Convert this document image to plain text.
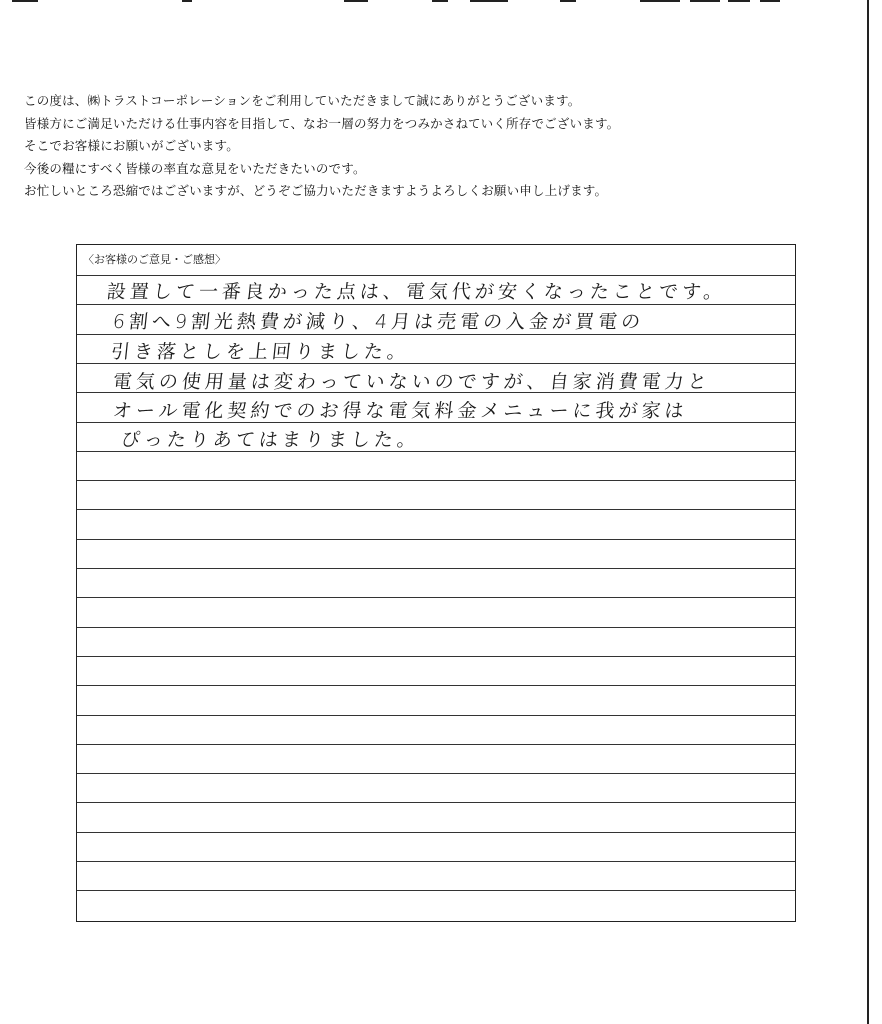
この度は、㈱トラストコーポレーションをご利用していただきまして誠にありがとうございます。
皆様方にご満足いただける仕事内容を目指して、なお一層の努力をつみかさねていく所存でございます。
そこでお客様にお願いがございます。
今後の糧にすべく皆様の率直な意見をいただきたいのです。
お忙しいところ恐縮ではございますが、どうぞご協力いただきますようよろしくお願い申し上げます。
〈お客様のご意見・ご感想〉
設置して一番良かった点は、電気代が安くなったことです。
6割へ9割光熱費が減り、4月は売電の入金が買電の
引き落としを上回りました。
電気の使用量は変わっていないのですが、自家消費電力と
オール電化契約でのお得な電気料金メニューに我が家は
ぴったりあてはまりました。
